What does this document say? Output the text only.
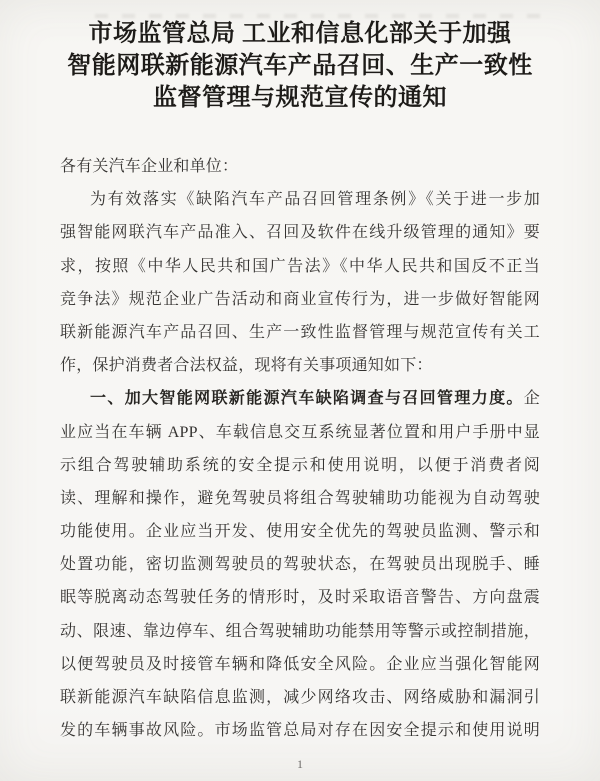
市场监管总局 工业和信息化部关于加强
智能网联新能源汽车产品召回、生产一致性
监督管理与规范宣传的通知
各有关汽车企业和单位：
为有效落实《缺陷汽车产品召回管理条例》《关于进一步加
强智能网联汽车产品准入、召回及软件在线升级管理的通知》要
求，按照《中华人民共和国广告法》《中华人民共和国反不正当
竞争法》规范企业广告活动和商业宣传行为，进一步做好智能网
联新能源汽车产品召回、生产一致性监督管理与规范宣传有关工
作，保护消费者合法权益，现将有关事项通知如下：
一、加大智能网联新能源汽车缺陷调查与召回管理力度。企
业应当在车辆 APP、车载信息交互系统显著位置和用户手册中显
示组合驾驶辅助系统的安全提示和使用说明，以便于消费者阅
读、理解和操作，避免驾驶员将组合驾驶辅助功能视为自动驾驶
功能使用。企业应当开发、使用安全优先的驾驶员监测、警示和
处置功能，密切监测驾驶员的驾驶状态，在驾驶员出现脱手、睡
眠等脱离动态驾驶任务的情形时，及时采取语音警告、方向盘震
动、限速、靠边停车、组合驾驶辅助功能禁用等警示或控制措施，
以便驾驶员及时接管车辆和降低安全风险。企业应当强化智能网
联新能源汽车缺陷信息监测，减少网络攻击、网络威胁和漏洞引
发的车辆事故风险。市场监管总局对存在因安全提示和使用说明
1
